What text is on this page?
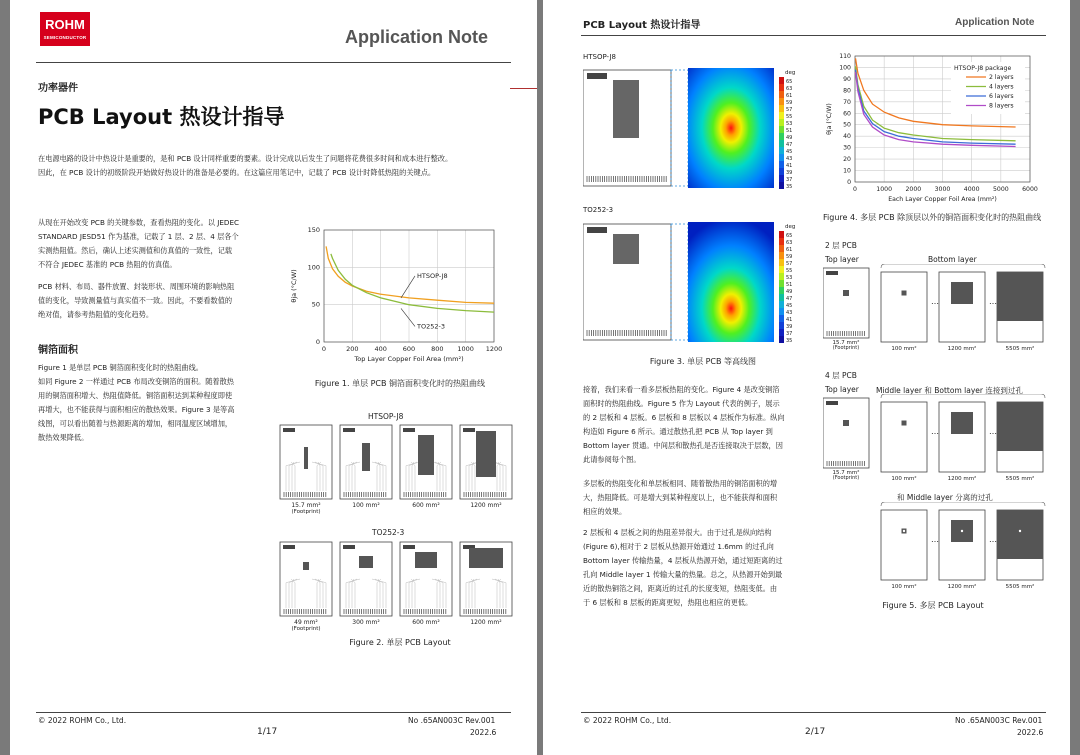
ROHM
SEMICONDUCTOR	Application Note
功率器件
PCB Layout 热设计指导
在电源电路的设计中热设计是重要的，是和 PCB 设计同样重要的要素。设计完成以后发生了问题将花费很多时间和成本进行整改。
因此，在 PCB 设计的初级阶段开始做好热设计的准备是必要的。在这篇应用笔记中，记载了 PCB 设计时降低热阻的关键点。
从现在开始改变 PCB 的关键参数，查看热阻的变化。以 JEDEC
STANDARD JESD51 作为基准，记载了 1 层、2 层、4 层各个
实测热阻值。然后，确认上述实测值和仿真值的一致性，记载
不符合 JEDEC 基准的 PCB 热阻的仿真值。
PCB 材料、布局、器件放置、封装形状、周围环境的影响热阻
值的变化，导致测量值与真实值不一致。因此，不要看数值的
绝对值，请参考热阻值的变化趋势。
铜箔面积
Figure 1 是单层 PCB 铜箔面积变化时的热阻曲线。
如同 Figure 2 一样通过 PCB 布局改变铜箔的面积。随着散热
用的铜箔面积增大、热阻值降低。铜箔面积达到某种程度即使
再增大，也不能获得与面积相应的散热效果。Figure 3 是等高
线图，可以看出随着与热源距离的增加，相同温度区域增加，
散热效果降低。
0	200 400 600 800 1000 1200
0
50
100
150
Top Layer Copper Foil Area (mm²)
θja (°C/W)	HTSOP-J8
TO252-3
Figure 1. 单层 PCB 铜箔面积变化时的热阻曲线
HTSOP-J8
15.7 mm²
(Footprint)
100 mm²	600 mm²	1200 mm²
TO252-3
49 mm²
(Footprint)
300 mm²	600 mm²	1200 mm²
Figure 2. 单层 PCB Layout
© 2022 ROHM Co., Ltd.
1/17
No .65AN003C Rev.001
2022.6
PCB Layout 热设计指导	Application Note
HTSOP-J8
deg
65
63
61
59
57
55
53
51
49
47
45
43
41
39
37
35
TO252-3
deg
65
63
61
59
57
55
53
51
49
47
45
43
41
39
37
35
Figure 3. 单层 PCB 等高线图
接着，我们来看一看多层板热阻的变化。Figure 4 是改变铜箔
面积时的热阻曲线。Figure 5 作为 Layout 代表的例子，展示
的 2 层板和 4 层板。6 层板和 8 层板以 4 层板作为标准。纵向
构造如 Figure 6 所示。通过散热孔把 PCB 从 Top layer 到
Bottom layer 贯通。中间层和散热孔是否连接取决于层数，因
此请参阅每个图。
多层板的热阻变化和单层板相同、随着散热用的铜箔面积的增
大，热阻降低。可是增大到某种程度以上，也不能获得和面积
相应的效果。
2 层板和 4 层板之间的热阻差异很大。由于过孔是纵向结构
(Figure 6),相对于 2 层板从热源开始通过 1.6mm 的过孔向
Bottom layer 传输热量，4 层板从热源开始，通过短距离的过
孔向 Middle layer 1 传输大量的热量。总之，从热源开始到最
近的散热铜箔之间，距离近的过孔的长度变短，热阻变低。由
于 6 层板和 8 层板的距离更短，热阻也相应的更低。
0	1000 2000 3000 4000 5000 6000
0
10
20
30
40
50
60
70
80
90
100
110
Each Layer Copper Foil Area (mm²)
θja (°C/W)
HTSOP-J8 package
2 layers
4 layers
6 layers
8 layers
Figure 4. 多层 PCB 除顶层以外的铜箔面积变化时的热阻曲线
2 层 PCB
Top layer	Bottom layer
15.7 mm²
(Footprint)	100 mm²
…
1200 mm²
…
5505 mm²
4 层 PCB
Top layer Middle layer 和 Bottom layer 连接到过孔
15.7 mm²
(Footprint)	100 mm²
…
1200 mm²
…
5505 mm²
和 Middle layer 分离的过孔
100 mm²
…
1200 mm²
…
5505 mm²
Figure 5. 多层 PCB Layout
© 2022 ROHM Co., Ltd.
2/17
No .65AN003C Rev.001
2022.6
